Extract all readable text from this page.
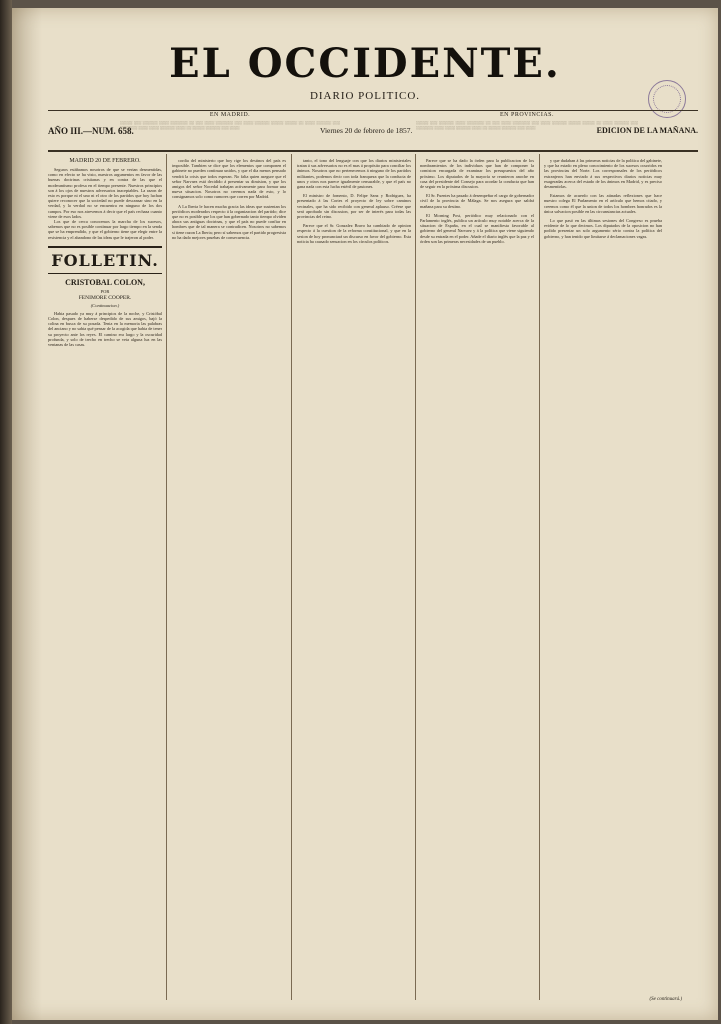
EL OCCIDENTE.
DIARIO POLITICO.
AÑO III.—NUM. 658.
EN MADRID.
░░░░░ ░░░ ░░░░░░ ░░░░ ░░░░░░░ ░░ ░░░ ░░░░ ░░░░░░░ ░░░ ░░░░ ░░░░░░ ░░░░░ ░░░░░ ░░ ░░░░ ░░░░░░ ░░░ ░░░░░░░ ░░░░ ░░░░ ░░░░░░ ░░░░ ░░ ░░░░░ ░░░░░░ ░░░ ░░░░	Viernes 20 de febrero de 1857.
EN PROVINCIAS.
░░░░░ ░░░ ░░░░░░ ░░░░ ░░░░░░░ ░░ ░░░ ░░░░ ░░░░░░░ ░░░ ░░░░ ░░░░░░ ░░░░░ ░░░░░ ░░ ░░░░ ░░░░░░ ░░░ ░░░░░░░ ░░░░ ░░░░ ░░░░░░ ░░░░ ░░ ░░░░░ ░░░░░░ ░░░ ░░░░	EDICION DE LA MAÑANA.
MADRID 20 DE FEBRERO.

Seguros estábamos nosotros de que se verian desmentidas, como en efecto se ha visto, nuestros argumentos en favor de las buenas doctrinas cristianas y en contra de las que el moderantismo profesa en el tiempo presente. Nuestros principios son á los ojos de nuestros adversarios inaceptables. La razon de esto es porque ni el uno ni el otro de los partidos que hoy luchan quiere reconocer que la sociedad no puede descansar sino en la verdad, y la verdad no se encuentra en ninguno de los dos campos. Por eso nos atrevemos á decir que el país rechaza cuanto viene de esos lados.

Los que de cerca conocemos la marcha de los sucesos, sabemos que no es posible continuar por largo tiempo en la senda que se ha emprendido, y que el gobierno tiene que elegir entre la resistencia y el abandono de las ideas que le trajeron al poder.

FOLLETIN.
CRISTOBAL COLON,
POR
FENIMORE COOPER.
(Continuacion.)

Habia pasado ya muy á principios de la noche, y Cristóbal Colon, despues de haberse despedido de sus amigos, bajó la colina en busca de su posada. Tenia en la memoria las palabras del anciano y no sabia qué pensar de la acogida que habia de tener su proyecto ante los reyes. El camino era largo y la oscuridad profunda, y solo de trecho en trecho se veia alguna luz en las ventanas de las casas.

cordia del ministerio que hoy rige los destinos del país es imposible. Tambien se dice que los elementos que componen el gabinete no pueden continuar unidos, y que el dia menos pensado vendrá la crisis que todos esperan. No falta quien asegure que el señor Narvaez está decidido á presentar su dimision, y que los amigos del señor Nocedal trabajan activamente para formar una nueva situacion. Nosotros no creemos nada de esto, y lo consignamos solo como rumores que corren por Madrid.

A La Iberia le hacen mucha gracia las ideas que sustentan los periódicos moderados respecto á la organizacion del partido; dice que no es posible que los que han gobernado tanto tiempo olviden ahora sus antiguas doctrinas, y que el país no puede confiar en hombres que de tal manera se contradicen. Nosotros no sabemos si tiene razon La Iberia; pero sí sabemos que el partido progresista no ha dado mejores pruebas de consecuencia.

tanto, el tono del lenguaje con que los diarios ministeriales tratan á sus adversarios no es el mas á propósito para conciliar los ánimos. Nosotros que no pertenecemos á ninguno de los partidos militantes, podemos decir con toda franqueza que la conducta de unos y otros nos parece igualmente censurable, y que el país no gana nada con esta lucha estéril de pasiones.

El ministro de fomento, D. Felipe Sanz y Rodriguez, ha presentado á las Cortes el proyecto de ley sobre caminos vecinales, que ha sido recibido con general aplauso. Créese que será aprobado sin discusion, por ser de interés para todas las provincias del reino.

Parece que el Sr. Gonzalez Bravo ha cambiado de opinion respecto á la cuestion de la reforma constitucional, y que en la sesion de hoy pronunciará un discurso en favor del gobierno. Esta noticia ha causado sensacion en los círculos políticos.

Parece que se ha dado la órden para la publicacion de los nombramientos de los individuos que han de componer la comision encargada de examinar los presupuestos del año próximo. Los diputados de la mayoría se reunieron anoche en casa del presidente del Consejo para acordar la conducta que han de seguir en la próxima discusion.

El Sr. Fuentes ha pasado á desempeñar el cargo de gobernador civil de la provincia de Málaga. Se nos asegura que saldrá mañana para su destino.

El Morning Post, periódico muy relacionado con el Parlamento inglés, publica un artículo muy notable acerca de la situacion de España, en el cual se manifiesta favorable al gobierno del general Narvaez y á la política que viene siguiendo desde su entrada en el poder. Añade el diario inglés que la paz y el órden son las primeras necesidades de un pueblo.

y que dudaban á las primeras noticias de la política del gabinete, y que ha estado en pleno conocimiento de los sucesos ocurridos en las provincias del Norte. Los corresponsales de los periódicos extranjeros han enviado á sus respectivos diarios noticias muy exageradas acerca del estado de los ánimos en Madrid, y es preciso desmentirlas.

Estamos de acuerdo con las atinadas reflexiones que hace nuestro colega El Parlamento en el artículo que hemos citado, y creemos como él que la union de todos los hombres honrados es la única salvacion posible en las circunstancias actuales.

Lo que pasó en las últimas sesiones del Congreso es prueba evidente de lo que decimos. Los diputados de la oposicion no han podido presentar un solo argumento sério contra la política del gobierno, y han tenido que limitarse á declamaciones vagas.

(Se continuará.)
